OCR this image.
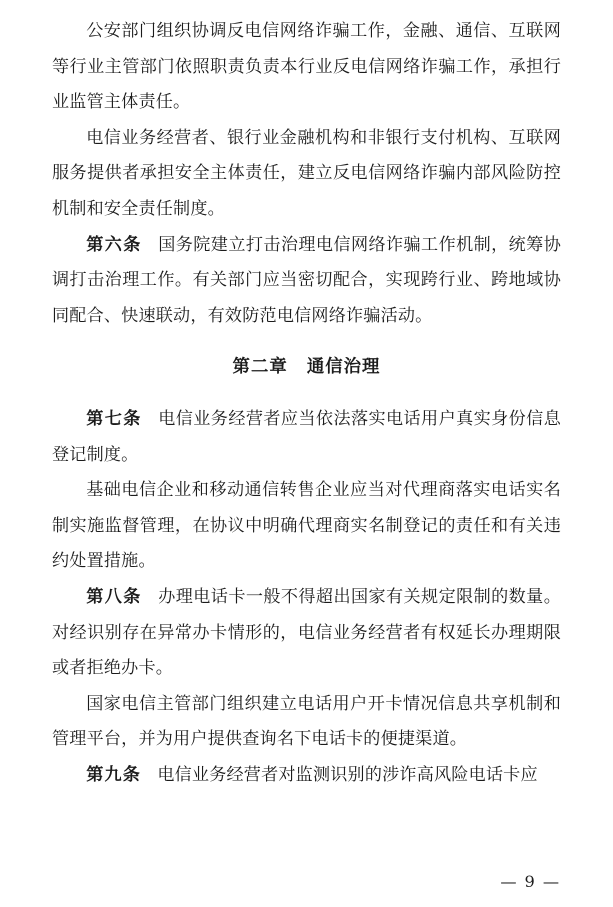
公安部门组织协调反电信网络诈骗工作，金融、通信、互联网等行业主管部门依照职责负责本行业反电信网络诈骗工作，承担行业监管主体责任。

电信业务经营者、银行业金融机构和非银行支付机构、互联网服务提供者承担安全主体责任，建立反电信网络诈骗内部风险防控机制和安全责任制度。

第六条 国务院建立打击治理电信网络诈骗工作机制，统筹协调打击治理工作。有关部门应当密切配合，实现跨行业、跨地域协同配合、快速联动，有效防范电信网络诈骗活动。

第二章 通信治理

第七条 电信业务经营者应当依法落实电话用户真实身份信息登记制度。

基础电信企业和移动通信转售企业应当对代理商落实电话实名制实施监督管理，在协议中明确代理商实名制登记的责任和有关违约处置措施。

第八条 办理电话卡一般不得超出国家有关规定限制的数量。对经识别存在异常办卡情形的，电信业务经营者有权延长办理期限或者拒绝办卡。

国家电信主管部门组织建立电话用户开卡情况信息共享机制和管理平台，并为用户提供查询名下电话卡的便捷渠道。

第九条 电信业务经营者对监测识别的涉诈高风险电话卡应

— 9 —
